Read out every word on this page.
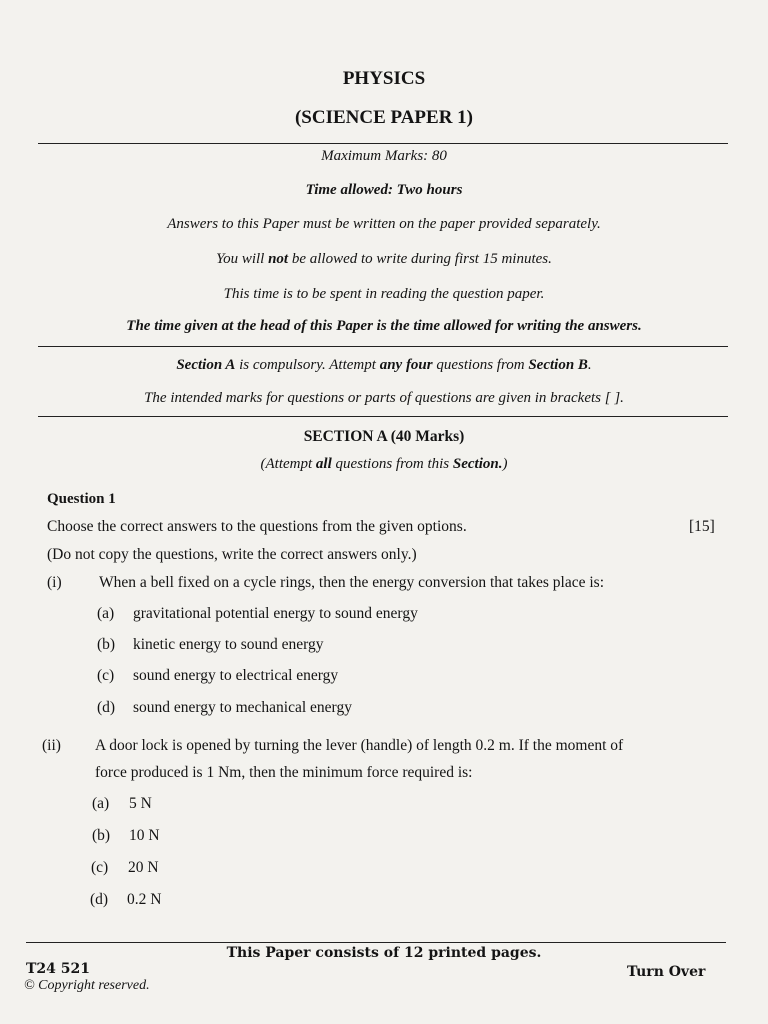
PHYSICS
(SCIENCE PAPER 1)
Maximum Marks: 80
Time allowed: Two hours
Answers to this Paper must be written on the paper provided separately.
You will not be allowed to write during first 15 minutes.
This time is to be spent in reading the question paper.
The time given at the head of this Paper is the time allowed for writing the answers.
Section A is compulsory. Attempt any four questions from Section B.
The intended marks for questions or parts of questions are given in brackets [ ].
SECTION A (40 Marks)
(Attempt all questions from this Section.)
Question 1
Choose the correct answers to the questions from the given options.	[15]
(Do not copy the questions, write the correct answers only.)
(i) When a bell fixed on a cycle rings, then the energy conversion that takes place is:
(a) gravitational potential energy to sound energy
(b) kinetic energy to sound energy
(c) sound energy to electrical energy
(d) sound energy to mechanical energy
(ii) A door lock is opened by turning the lever (handle) of length 0.2 m. If the moment of
force produced is 1 Nm, then the minimum force required is:
(a) 5 N
(b) 10 N
(c) 20 N
(d) 0.2 N
This Paper consists of 12 printed pages.
T24 521
© Copyright reserved.
Turn Over
